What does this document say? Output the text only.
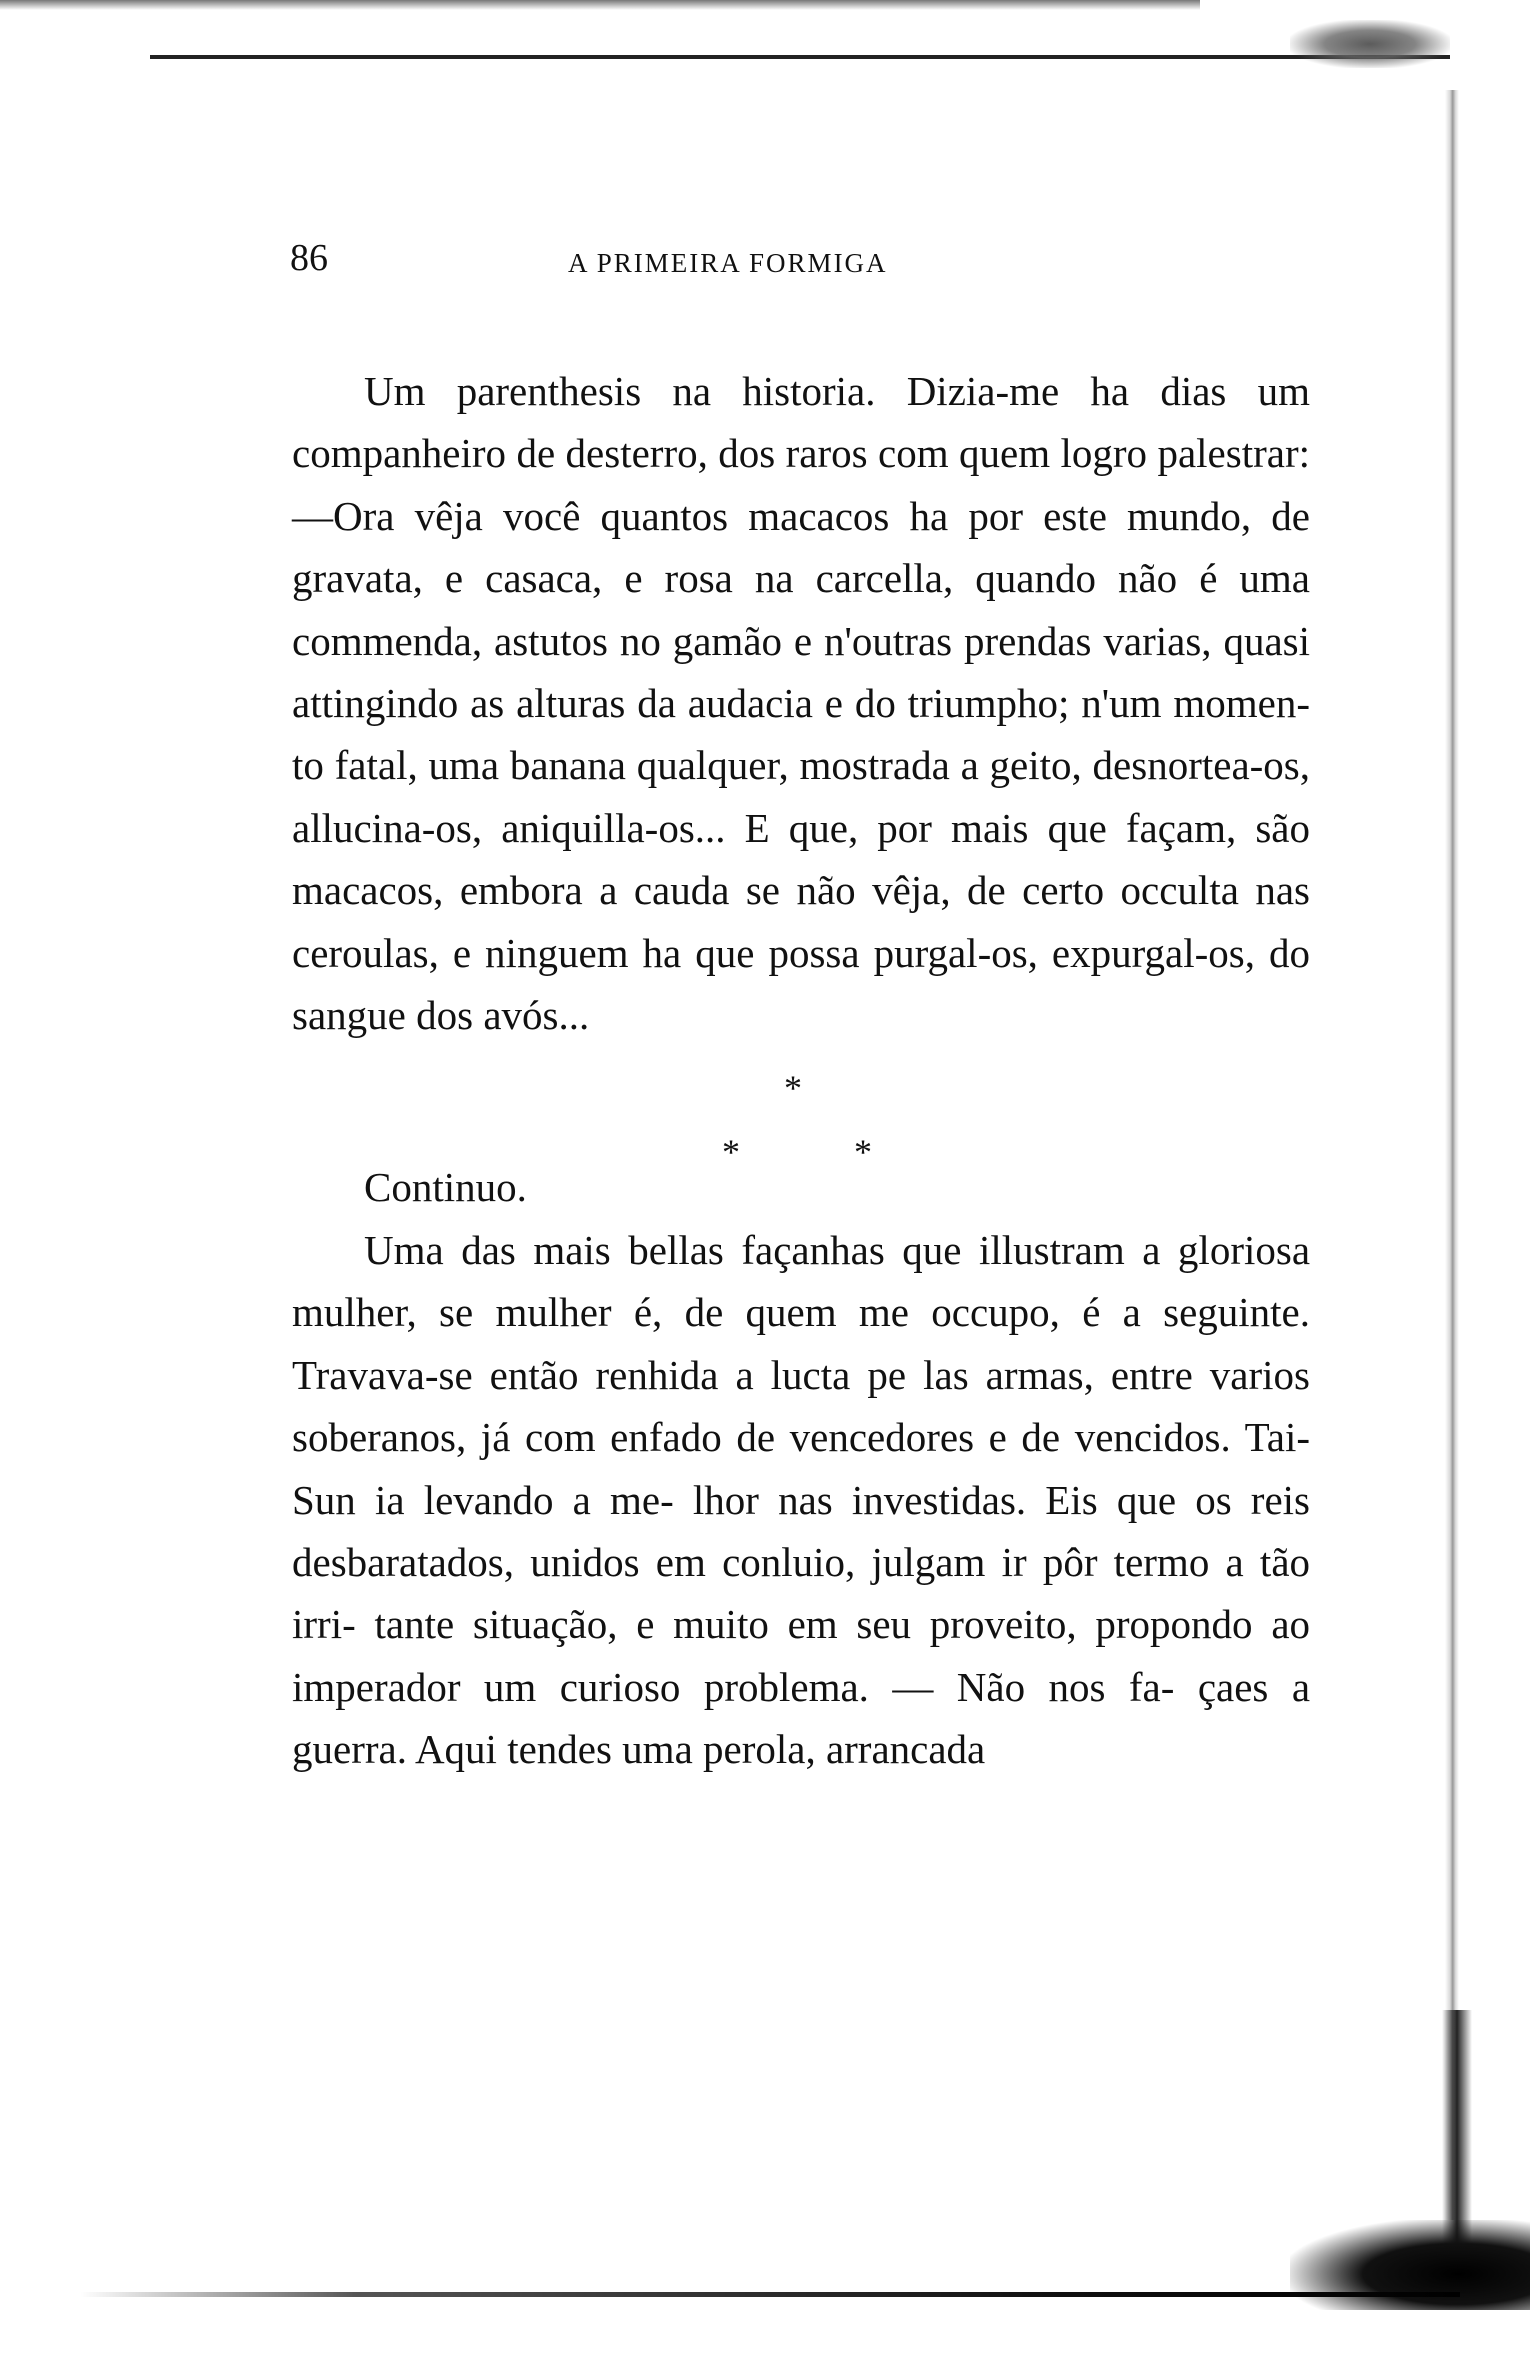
86	A PRIMEIRA FORMIGA

Um parenthesis na historia. Dizia-me ha dias um companheiro de desterro, dos raros com quem logro palestrar:—Ora vêja você quantos macacos ha por este mundo, de gravata, e casaca, e rosa na carcella, quando não é uma commenda, astutos no gamão e n'outras prendas varias, quasi attingindo as alturas da audacia e do triumpho; n'um momen- to fatal, uma banana qualquer, mostrada a geito, desnortea-os, allucina-os, aniquilla-os... E que, por mais que façam, são macacos, embora a cauda se não vêja, de certo occulta nas ceroulas, e ninguem ha que possa purgal-os, expurgal-os, do sangue dos avós...

*
*	*

Continuo.

Uma das mais bellas façanhas que illustram a gloriosa mulher, se mulher é, de quem me occupo, é a seguinte. Travava-se então renhida a lucta pe las armas, entre varios soberanos, já com enfado de vencedores e de vencidos. Tai-Sun ia levando a me- lhor nas investidas. Eis que os reis desbaratados, unidos em conluio, julgam ir pôr termo a tão irri- tante situação, e muito em seu proveito, propondo ao imperador um curioso problema. — Não nos fa- çaes a guerra. Aqui tendes uma perola, arrancada
